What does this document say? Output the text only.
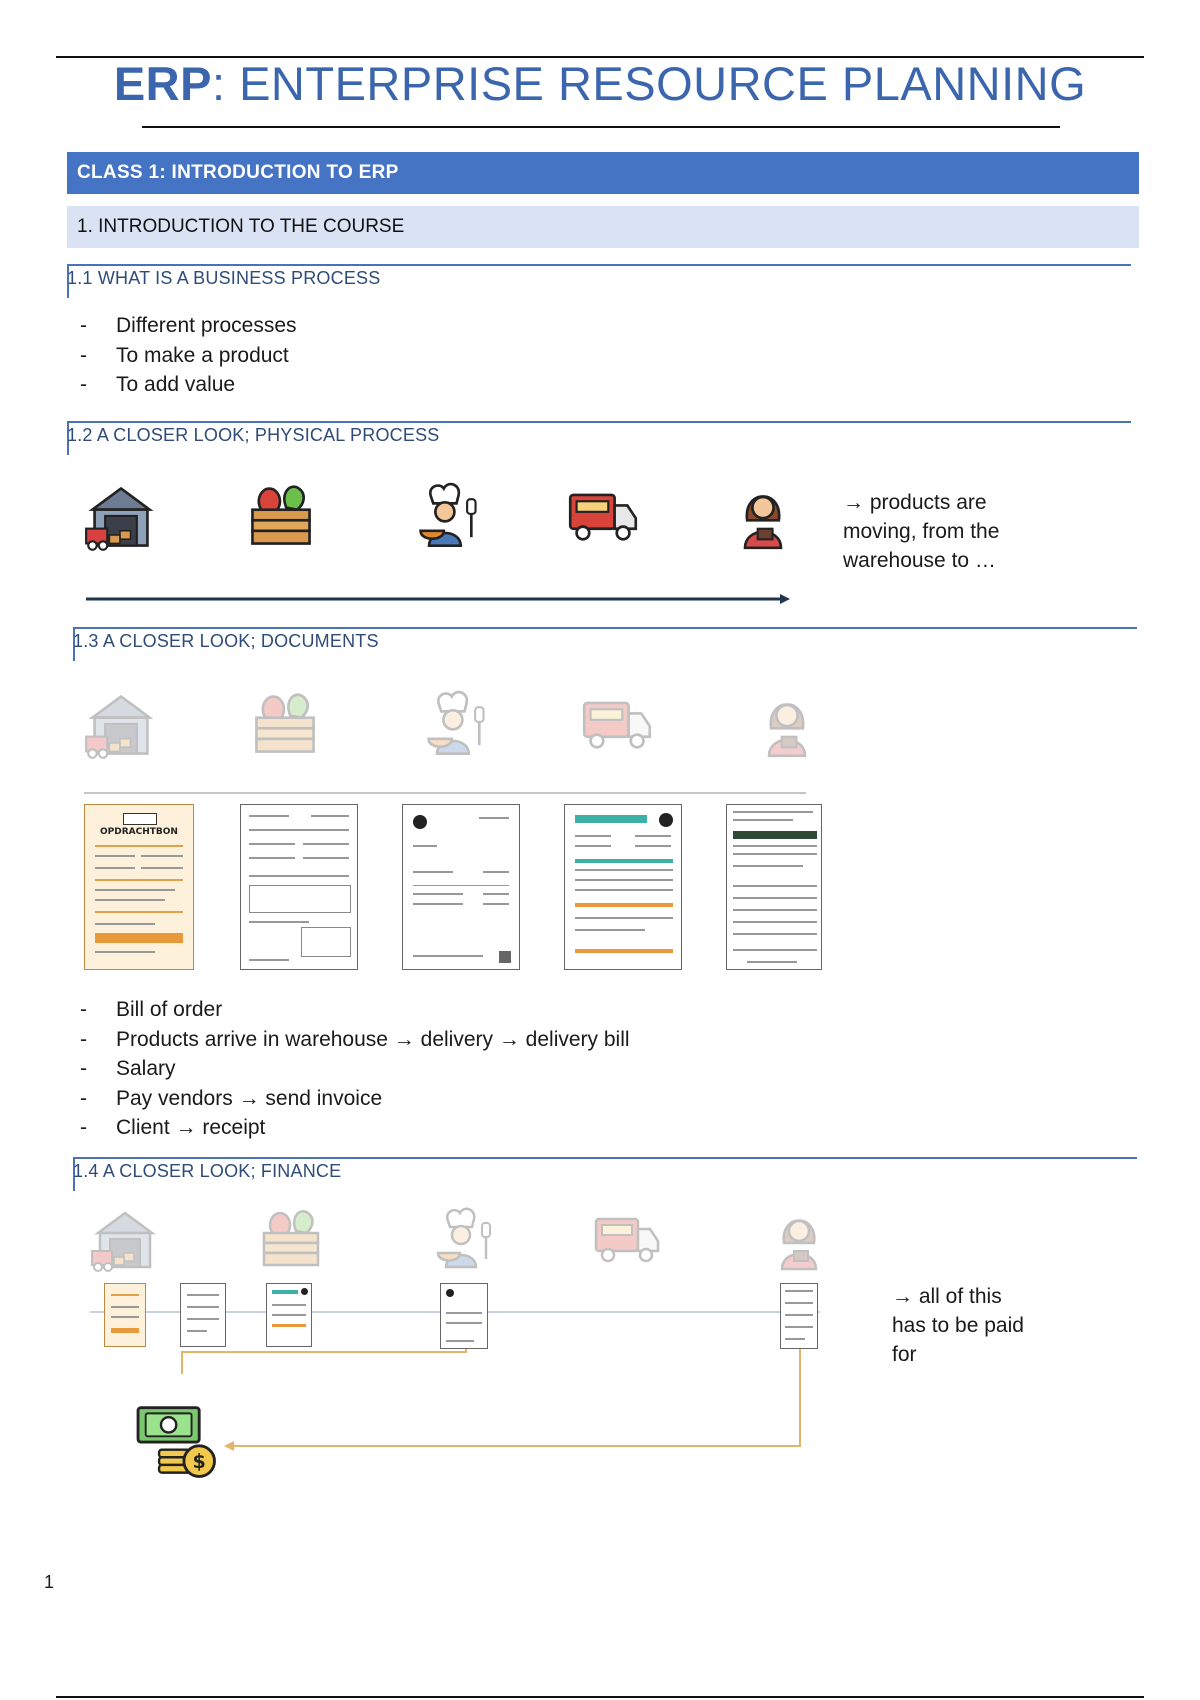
ERP: ENTERPRISE RESOURCE PLANNING
CLASS 1: INTRODUCTION TO ERP
1. INTRODUCTION TO THE COURSE
1.1 WHAT IS A BUSINESS PROCESS
- Different processes
- To make a product
- To add value
1.2 A CLOSER LOOK; PHYSICAL PROCESS
→ products are
moving, from the
warehouse to …
1.3 A CLOSER LOOK; DOCUMENTS
OPDRACHTBON
- Bill of order
- Products arrive in warehouse → delivery → delivery bill
- Salary
- Pay vendors → send invoice
- Client → receipt
1.4 A CLOSER LOOK; FINANCE
→ all of this
has to be paid
for
1
